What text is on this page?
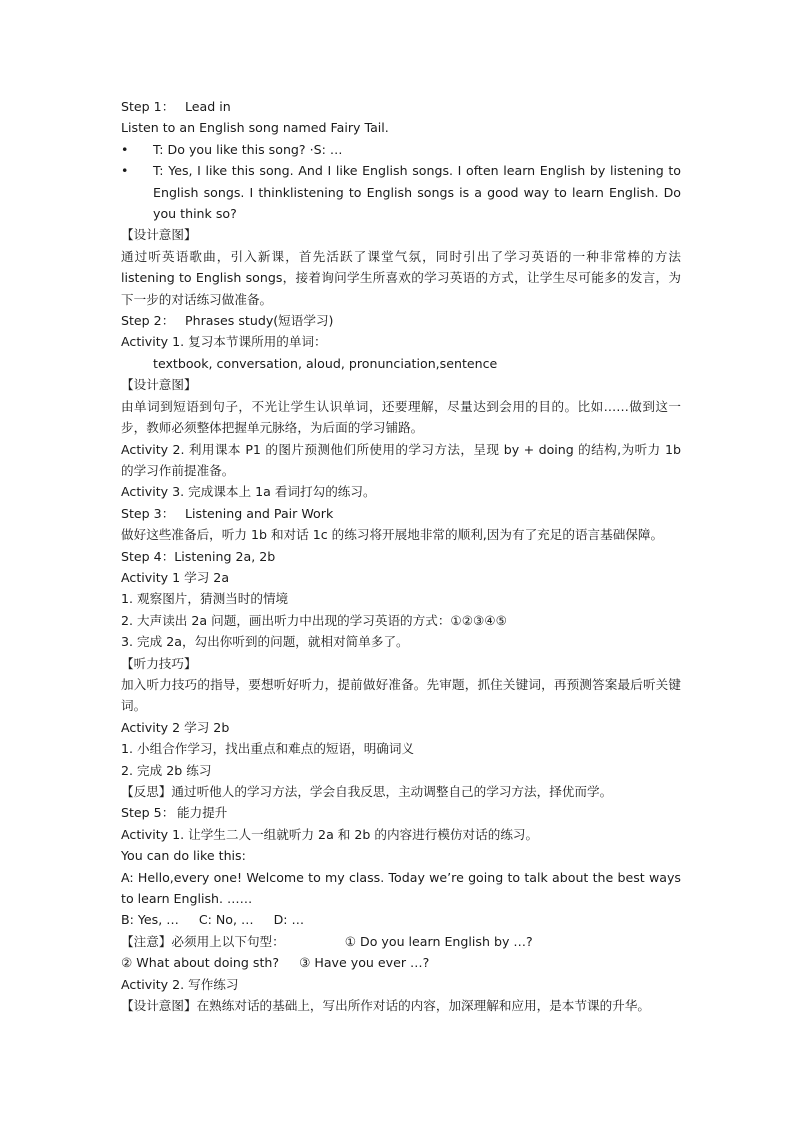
Step 1： Lead in
Listen to an English song named Fairy Tail.
•	T: Do you like this song? ·S: …
•	T: Yes, I like this song. And I like English songs. I often learn English by listening to English songs. I thinklistening to English songs is a good way to learn English. Do you think so?
【设计意图】
通过听英语歌曲，引入新课，首先活跃了课堂气氛，同时引出了学习英语的一种非常棒的方法 listening to English songs，接着询问学生所喜欢的学习英语的方式，让学生尽可能多的发言，为下一步的对话练习做准备。
Step 2： Phrases study(短语学习)
Activity 1. 复习本节课所用的单词：
textbook, conversation, aloud, pronunciation,sentence
【设计意图】
由单词到短语到句子，不光让学生认识单词，还要理解，尽量达到会用的目的。比如……做到这一步，教师必须整体把握单元脉络，为后面的学习铺路。
Activity 2. 利用课本 P1 的图片预测他们所使用的学习方法，呈现 by + doing 的结构,为听力 1b 的学习作前提准备。
Activity 3. 完成课本上 1a 看词打勾的练习。
Step 3： Listening and Pair Work
做好这些准备后，听力 1b 和对话 1c 的练习将开展地非常的顺利,因为有了充足的语言基础保障。
Step 4：Listening 2a, 2b
Activity 1 学习 2a
1. 观察图片，猜测当时的情境
2. 大声读出 2a 问题，画出听力中出现的学习英语的方式：①②③④⑤
3. 完成 2a，勾出你听到的问题，就相对简单多了。
【听力技巧】
加入听力技巧的指导，要想听好听力，提前做好准备。先审题，抓住关键词，再预测答案最后听关键词。
Activity 2 学习 2b
1. 小组合作学习，找出重点和难点的短语，明确词义
2. 完成 2b 练习
【反思】通过听他人的学习方法，学会自我反思，主动调整自己的学习方法，择优而学。
Step 5： 能力提升
Activity 1. 让学生二人一组就听力 2a 和 2b 的内容进行模仿对话的练习。
You can do like this:
A: Hello,every one! Welcome to my class. Today we’re going to talk about the best ways to learn English. ……
B: Yes, … C: No, … D: …
【注意】必须用上以下句型：	① Do you learn English by …?
② What about doing sth? ③ Have you ever …?
Activity 2. 写作练习
【设计意图】在熟练对话的基础上，写出所作对话的内容，加深理解和应用，是本节课的升华。
